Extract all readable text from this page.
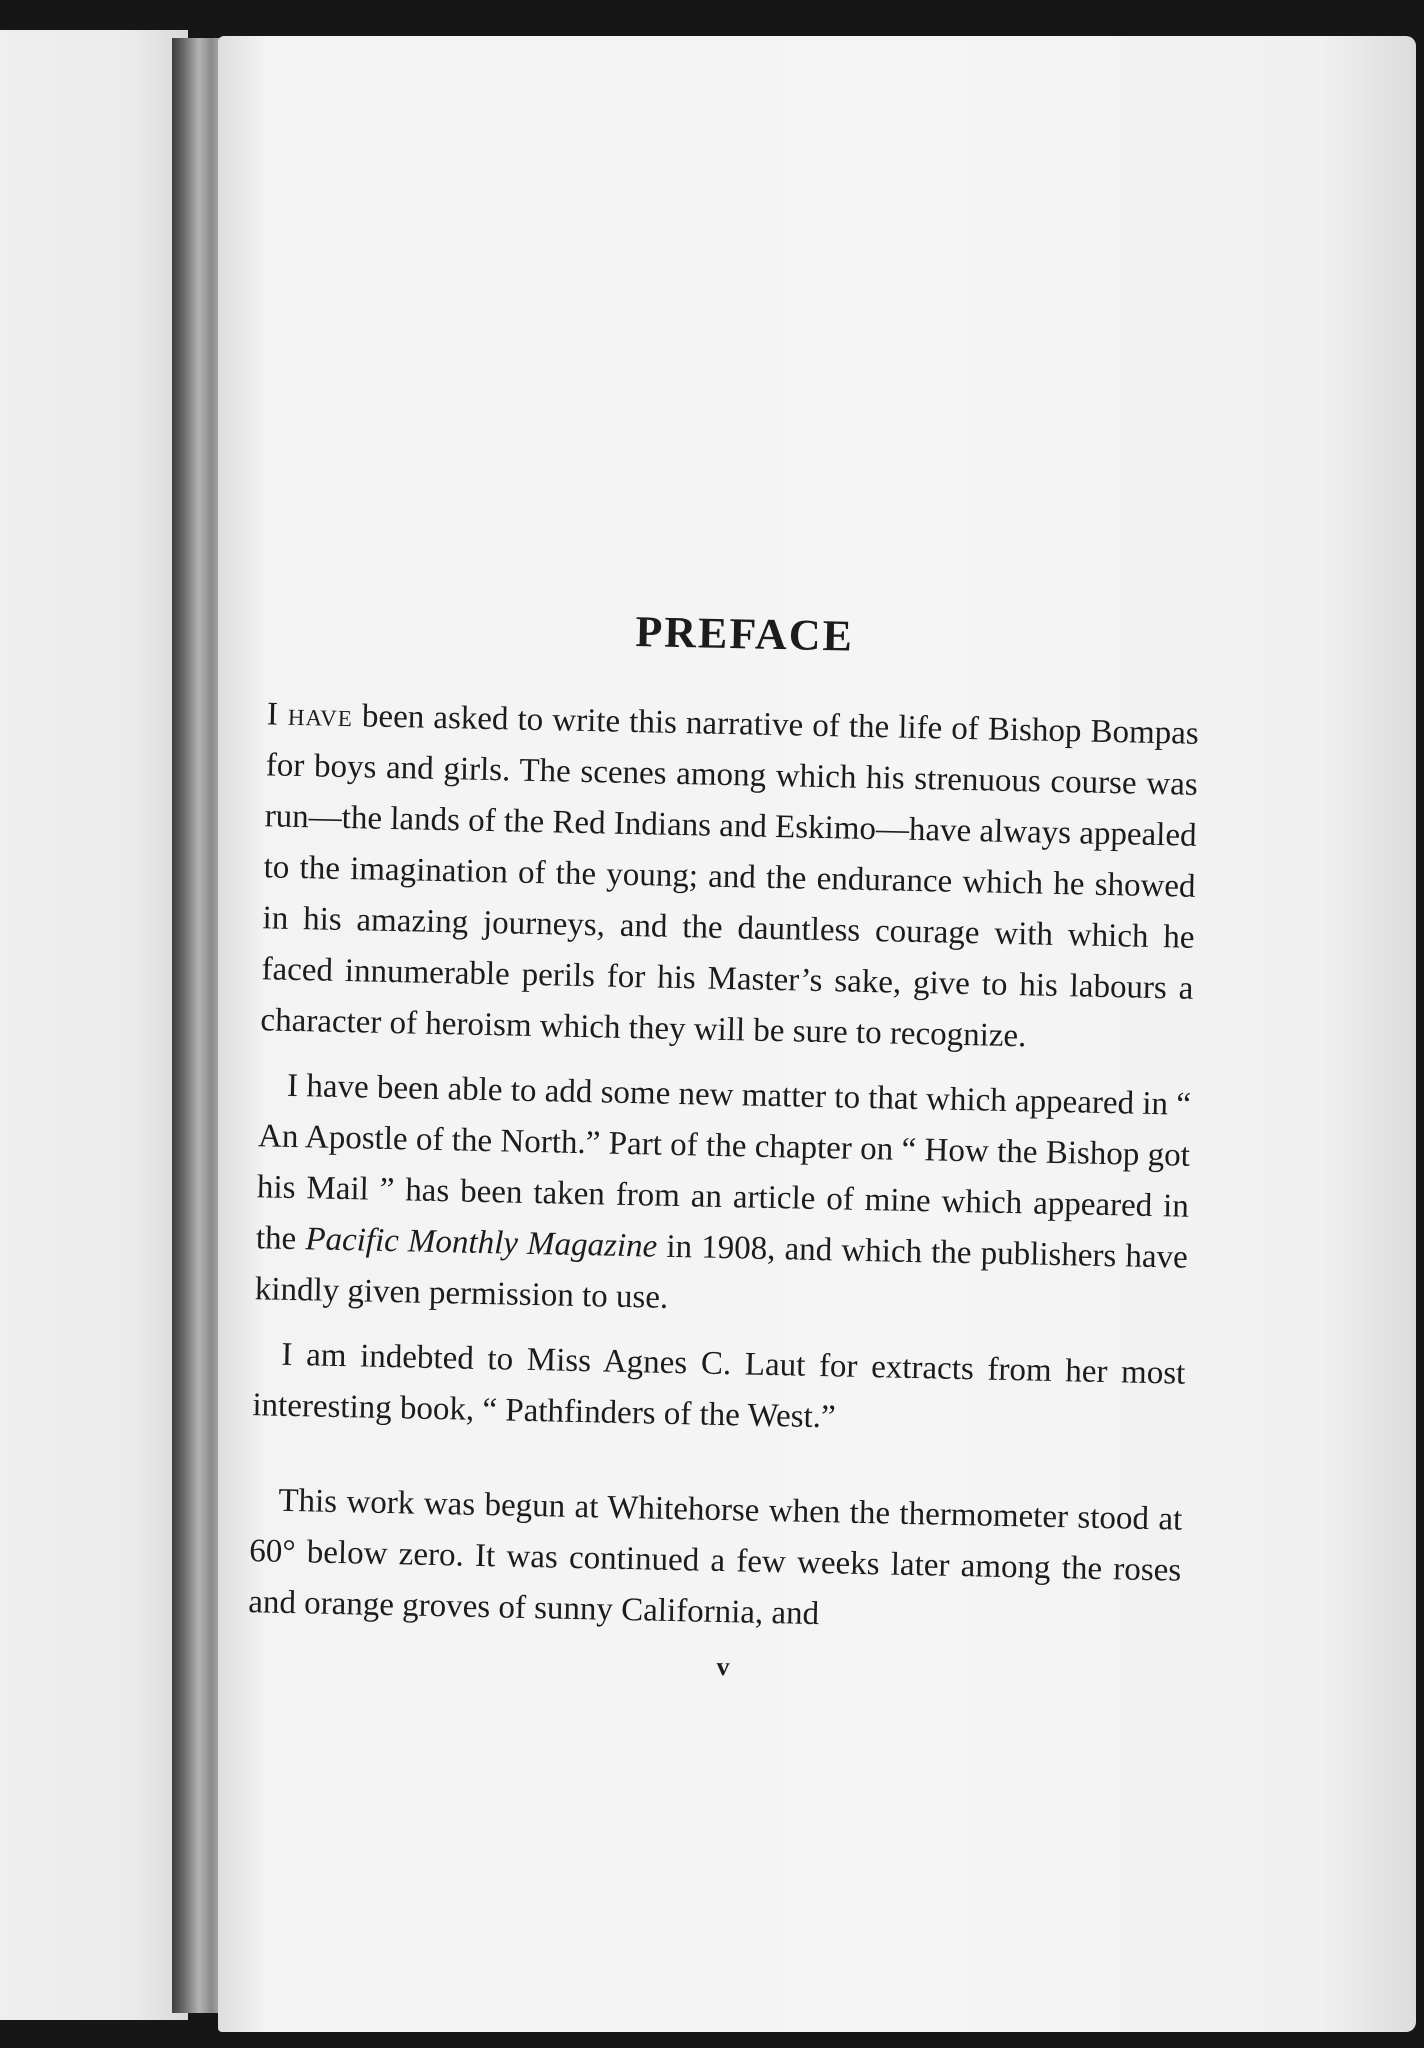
PREFACE

I have been asked to write this narrative of the life of Bishop Bompas for boys and girls. The scenes among which his strenuous course was run—the lands of the Red Indians and Eskimo—have always appealed to the imagination of the young; and the endurance which he showed in his amazing journeys, and the dauntless courage with which he faced innumerable perils for his Master’s sake, give to his labours a character of heroism which they will be sure to recognize.

I have been able to add some new matter to that which appeared in “ An Apostle of the North.” Part of the chapter on “ How the Bishop got his Mail ” has been taken from an article of mine which appeared in the Pacific Monthly Magazine in 1908, and which the publishers have kindly given permission to use.

I am indebted to Miss Agnes C. Laut for extracts from her most interesting book, “ Pathfinders of the West.”

This work was begun at Whitehorse when the thermometer stood at 60° below zero. It was continued a few weeks later among the roses and orange groves of sunny California, and

v
